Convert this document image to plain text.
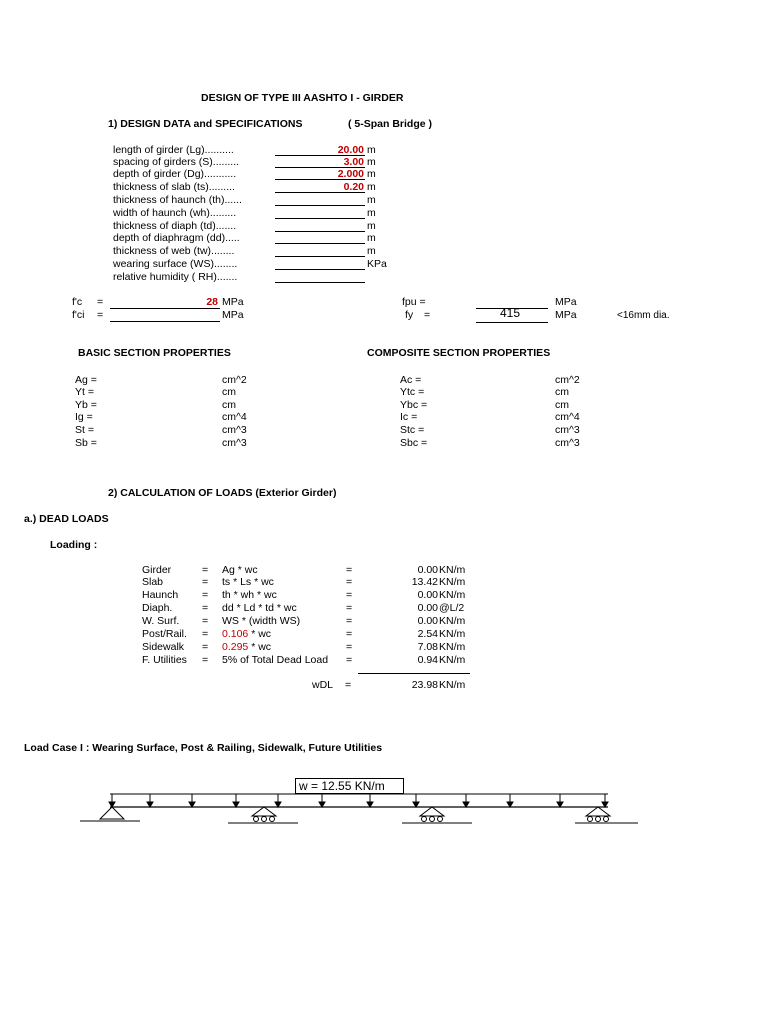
DESIGN OF TYPE III AASHTO I - GIRDER
1) DESIGN DATA and SPECIFICATIONS	( 5-Span Bridge )
length of girder (Lg)..........	20.00 m
spacing of girders (S).........	3.00 m
depth of girder (Dg)...........	2.000 m
thickness of slab (ts).........	0.20 m
thickness of haunch (th)......	m
width of haunch (wh).........	m
thickness of diaph (td).......	m
depth of diaphragm (dd).....	m
thickness of web (tw)........	m
wearing surface (WS)........	KPa
relative humidity ( RH).......
f'c =	28 MPa
f'ci =	MPa
fpu =	MPa
fy =	415	MPa	<16mm dia.
BASIC SECTION PROPERTIES	COMPOSITE SECTION PROPERTIES
Ag =	cm^2	Ac =	cm^2
Yt =	cm	Ytc =	cm
Yb =	cm	Ybc =	cm
Ig =	cm^4	Ic =	cm^4
St =	cm^3	Stc =	cm^3
Sb =	cm^3	Sbc =	cm^3
2) CALCULATION OF LOADS (Exterior Girder)
a.) DEAD LOADS
Loading :
Girder	= Ag * wc	=	0.00 KN/m
Slab	= ts * Ls * wc	=	13.42 KN/m
Haunch = th * wh * wc	=	0.00 KN/m
Diaph.	= dd * Ld * td * wc	=	0.00 @L/2
W. Surf. = WS * (width WS)	=	0.00 KN/m
Post/Rail. = 0.106 * wc	=	2.54 KN/m
Sidewalk = 0.295 * wc	=	7.08 KN/m
F. Utilities = 5% of Total Dead Load =	0.94 KN/m
wDL =	23.98 KN/m
Load Case I : Wearing Surface, Post & Railing, Sidewalk, Future Utilities
w = 12.55 KN/m
